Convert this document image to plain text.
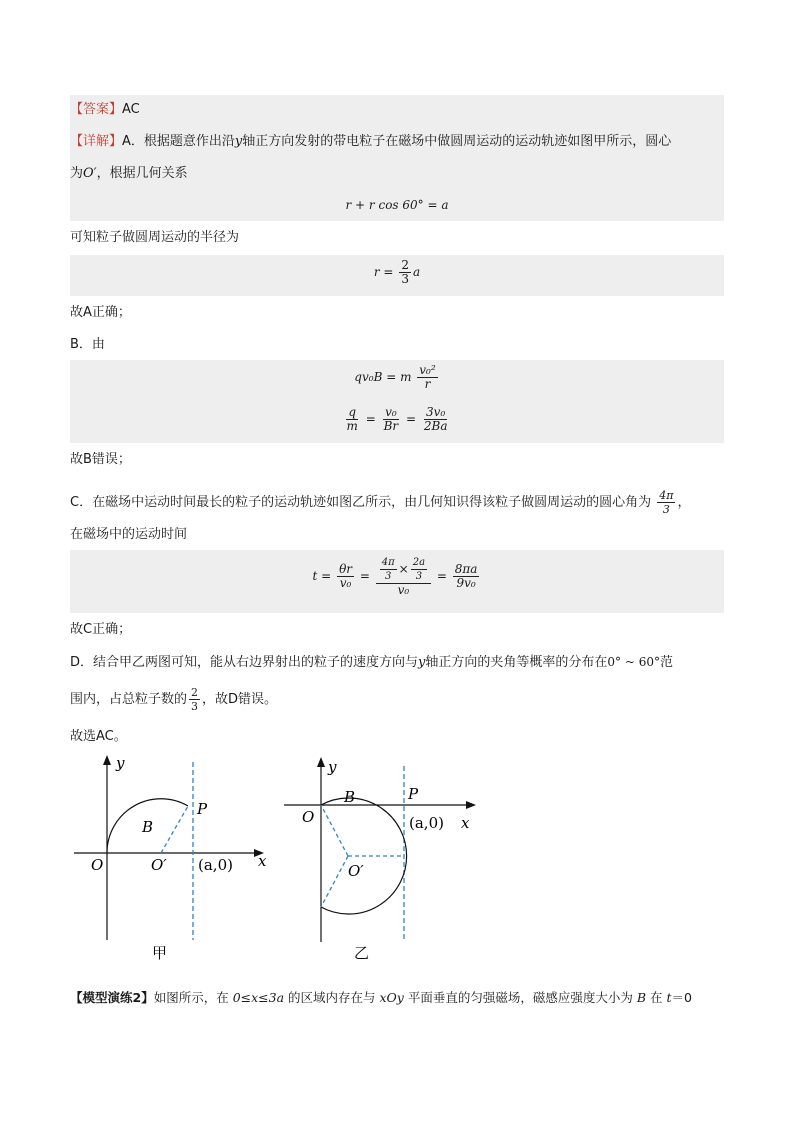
【答案】AC
【详解】A．根据题意作出沿y轴正方向发射的带电粒子在磁场中做圆周运动的运动轨迹如图甲所示，圆心
为O′，根据几何关系
r + r cos 60° = a
可知粒子做圆周运动的半径为
$r = \frac{2}{3}$ a
故A正确；
B．由
qv₀B = m $\frac{\text{v₀²}}{r}$
$\frac{q}{m} = \frac{\text{v₀}}{Br} = \frac{\text{3v₀}}{2Ba}$
故B错误；
C．在磁场中运动时间最长的粒子的运动轨迹如图乙所示，由几何知识得该粒子做圆周运动的圆心角为 $\frac{4\pi}{3}$ ，
在磁场中的运动时间
$t = \frac{\theta r}{\text{v₀}} = \frac{\frac{4\pi}{3} \times \frac{2a}{3}}{\text{v₀}} = \frac{8\pi a}{\text{9v₀}}$
故C正确；
D．结合甲乙两图可知，能从右边界射出的粒子的速度方向与y轴正方向的夹角等概率的分布在0° ~ 60°范
围内，占总粒子数的 $\frac{2}{3}$ ，故D错误。
故选AC。
y
P
B
O	O′ (a,0) x
甲
y
B	P
O	(a,0) x
O′
乙
【模型演练2】如图所示，在 0≤x≤3a 的区域内存在与 xOy 平面垂直的匀强磁场，磁感应强度大小为 B 在 t＝0
